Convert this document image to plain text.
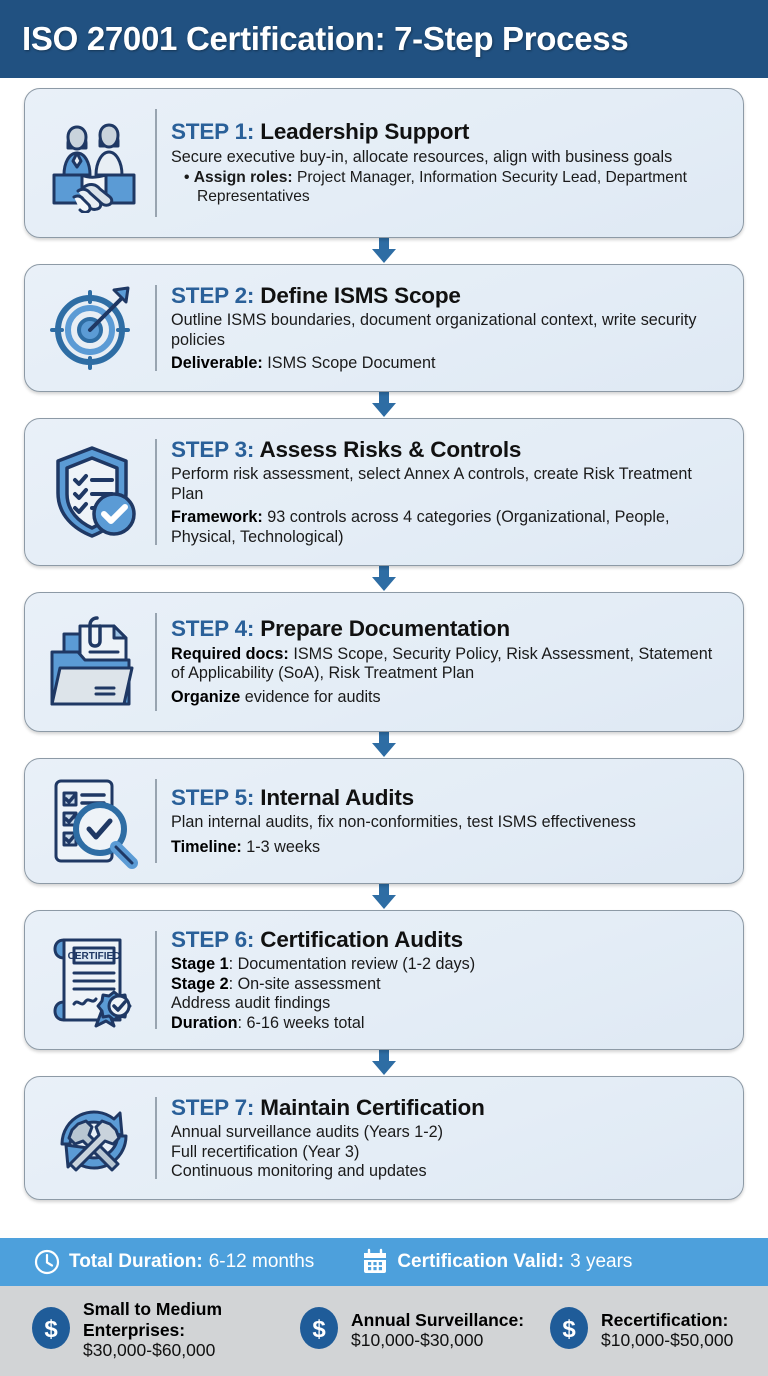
ISO 27001 Certification: 7-Step Process
STEP 1: Leadership Support
Secure executive buy-in, allocate resources, align with business goals
• Assign roles: Project Manager, Information Security Lead, Department Representatives
STEP 2: Define ISMS Scope
Outline ISMS boundaries, document organizational context, write security policies
Deliverable: ISMS Scope Document
STEP 3: Assess Risks & Controls
Perform risk assessment, select Annex A controls, create Risk Treatment Plan
Framework: 93 controls across 4 categories (Organizational, People, Physical, Technological)
STEP 4: Prepare Documentation
Required docs: ISMS Scope, Security Policy, Risk Assessment, Statement of Applicability (SoA), Risk Treatment Plan
Organize evidence for audits
STEP 5: Internal Audits
Plan internal audits, fix non-conformities, test ISMS effectiveness
Timeline: 1-3 weeks
CERTIFIED
STEP 6: Certification Audits
Stage 1: Documentation review (1-2 days)
Stage 2: On-site assessment
Address audit findings
Duration: 6-16 weeks total
STEP 7: Maintain Certification
Annual surveillance audits (Years 1-2)
Full recertification (Year 3)
Continuous monitoring and updates
Total Duration: 6-12 months	Certification Valid: 3 years
$
Small to Medium Enterprises:
$30,000-$60,000
$ Annual Surveillance:
$10,000-$30,000	$ Recertification:
$10,000-$50,000
